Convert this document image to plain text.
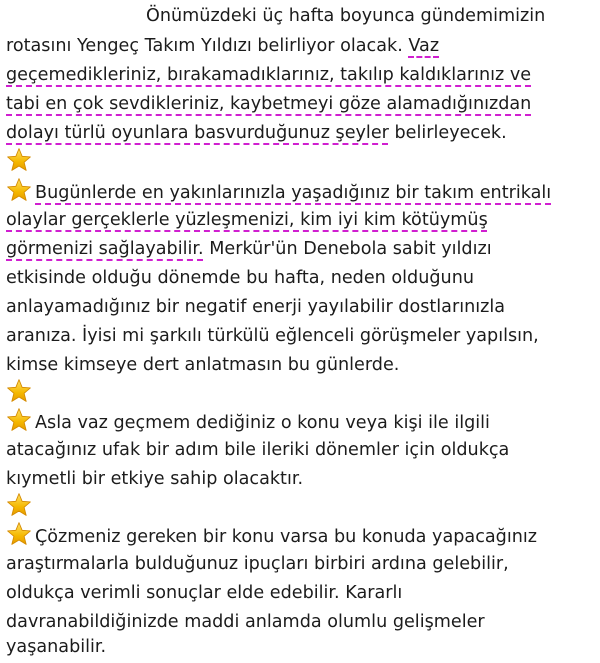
Önümüzdeki üç hafta boyunca gündemimizin
rotasını Yengeç Takım Yıldızı belirliyor olacak. Vaz
geçemedikleriniz, bırakamadıklarınız, takılıp kaldıklarınız ve
tabi en çok sevdikleriniz, kaybetmeyi göze alamadığınızdan
dolayı türlü oyunlara basvurduğunuz şeyler belirleyecek.
Bugünlerde en yakınlarınızla yaşadığınız bir takım entrikalı
olaylar gerçeklerle yüzleşmenizi, kim iyi kim kötüymüş
görmenizi sağlayabilir. Merkür'ün Denebola sabit yıldızı
etkisinde olduğu dönemde bu hafta, neden olduğunu
anlayamadığınız bir negatif enerji yayılabilir dostlarınızla
aranıza. İyisi mi şarkılı türkülü eğlenceli görüşmeler yapılsın,
kimse kimseye dert anlatmasın bu günlerde.
Asla vaz geçmem dediğiniz o konu veya kişi ile ilgili
atacağınız ufak bir adım bile ileriki dönemler için oldukça
kıymetli bir etkiye sahip olacaktır.
Çözmeniz gereken bir konu varsa bu konuda yapacağınız
araştırmalarla bulduğunuz ipuçları birbiri ardına gelebilir,
oldukça verimli sonuçlar elde edebilir. Kararlı
davranabildiğinizde maddi anlamda olumlu gelişmeler
yaşanabilir.
